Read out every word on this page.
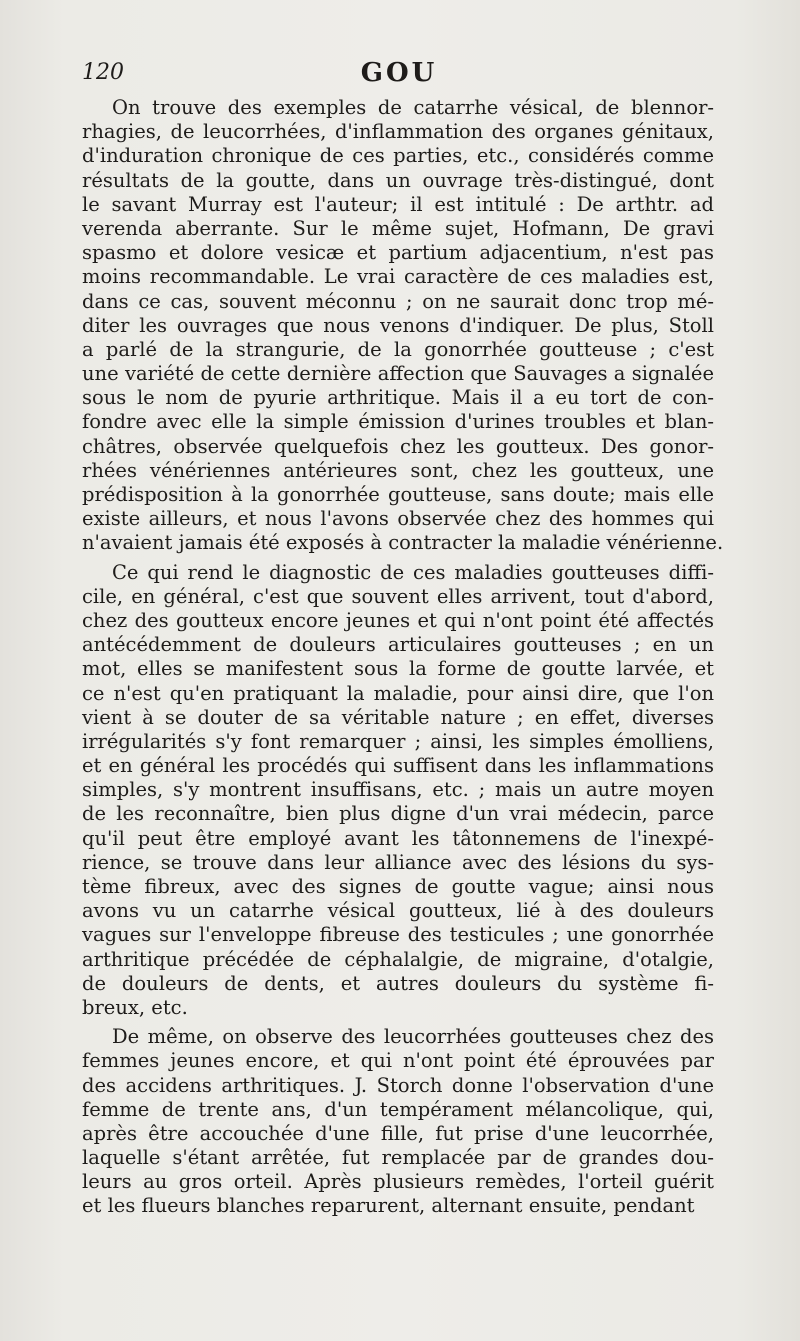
120	GOU
On trouve des exemples de catarrhe vésical, de blennor-
rhagies, de leucorrhées, d'inflammation des organes génitaux,
d'induration chronique de ces parties, etc., considérés comme
résultats de la goutte, dans un ouvrage très-distingué, dont
le savant Murray est l'auteur; il est intitulé : De arthtr. ad
verenda aberrante. Sur le même sujet, Hofmann, De gravi
spasmo et dolore vesicæ et partium adjacentium, n'est pas
moins recommandable. Le vrai caractère de ces maladies est,
dans ce cas, souvent méconnu ; on ne saurait donc trop mé-
diter les ouvrages que nous venons d'indiquer. De plus, Stoll
a parlé de la strangurie, de la gonorrhée goutteuse ; c'est
une variété de cette dernière affection que Sauvages a signalée
sous le nom de pyurie arthritique. Mais il a eu tort de con-
fondre avec elle la simple émission d'urines troubles et blan-
châtres, observée quelquefois chez les goutteux. Des gonor-
rhées vénériennes antérieures sont, chez les goutteux, une
prédisposition à la gonorrhée goutteuse, sans doute; mais elle
existe ailleurs, et nous l'avons observée chez des hommes qui
n'avaient jamais été exposés à contracter la maladie vénérienne.
Ce qui rend le diagnostic de ces maladies goutteuses diffi-
cile, en général, c'est que souvent elles arrivent, tout d'abord,
chez des goutteux encore jeunes et qui n'ont point été affectés
antécédemment de douleurs articulaires goutteuses ; en un
mot, elles se manifestent sous la forme de goutte larvée, et
ce n'est qu'en pratiquant la maladie, pour ainsi dire, que l'on
vient à se douter de sa véritable nature ; en effet, diverses
irrégularités s'y font remarquer ; ainsi, les simples émolliens,
et en général les procédés qui suffisent dans les inflammations
simples, s'y montrent insuffisans, etc. ; mais un autre moyen
de les reconnaître, bien plus digne d'un vrai médecin, parce
qu'il peut être employé avant les tâtonnemens de l'inexpé-
rience, se trouve dans leur alliance avec des lésions du sys-
tème fibreux, avec des signes de goutte vague; ainsi nous
avons vu un catarrhe vésical goutteux, lié à des douleurs
vagues sur l'enveloppe fibreuse des testicules ; une gonorrhée
arthritique précédée de céphalalgie, de migraine, d'otalgie,
de douleurs de dents, et autres douleurs du système fi-
breux, etc.
De même, on observe des leucorrhées goutteuses chez des
femmes jeunes encore, et qui n'ont point été éprouvées par
des accidens arthritiques. J. Storch donne l'observation d'une
femme de trente ans, d'un tempérament mélancolique, qui,
après être accouchée d'une fille, fut prise d'une leucorrhée,
laquelle s'étant arrêtée, fut remplacée par de grandes dou-
leurs au gros orteil. Après plusieurs remèdes, l'orteil guérit
et les flueurs blanches reparurent, alternant ensuite, pendant
